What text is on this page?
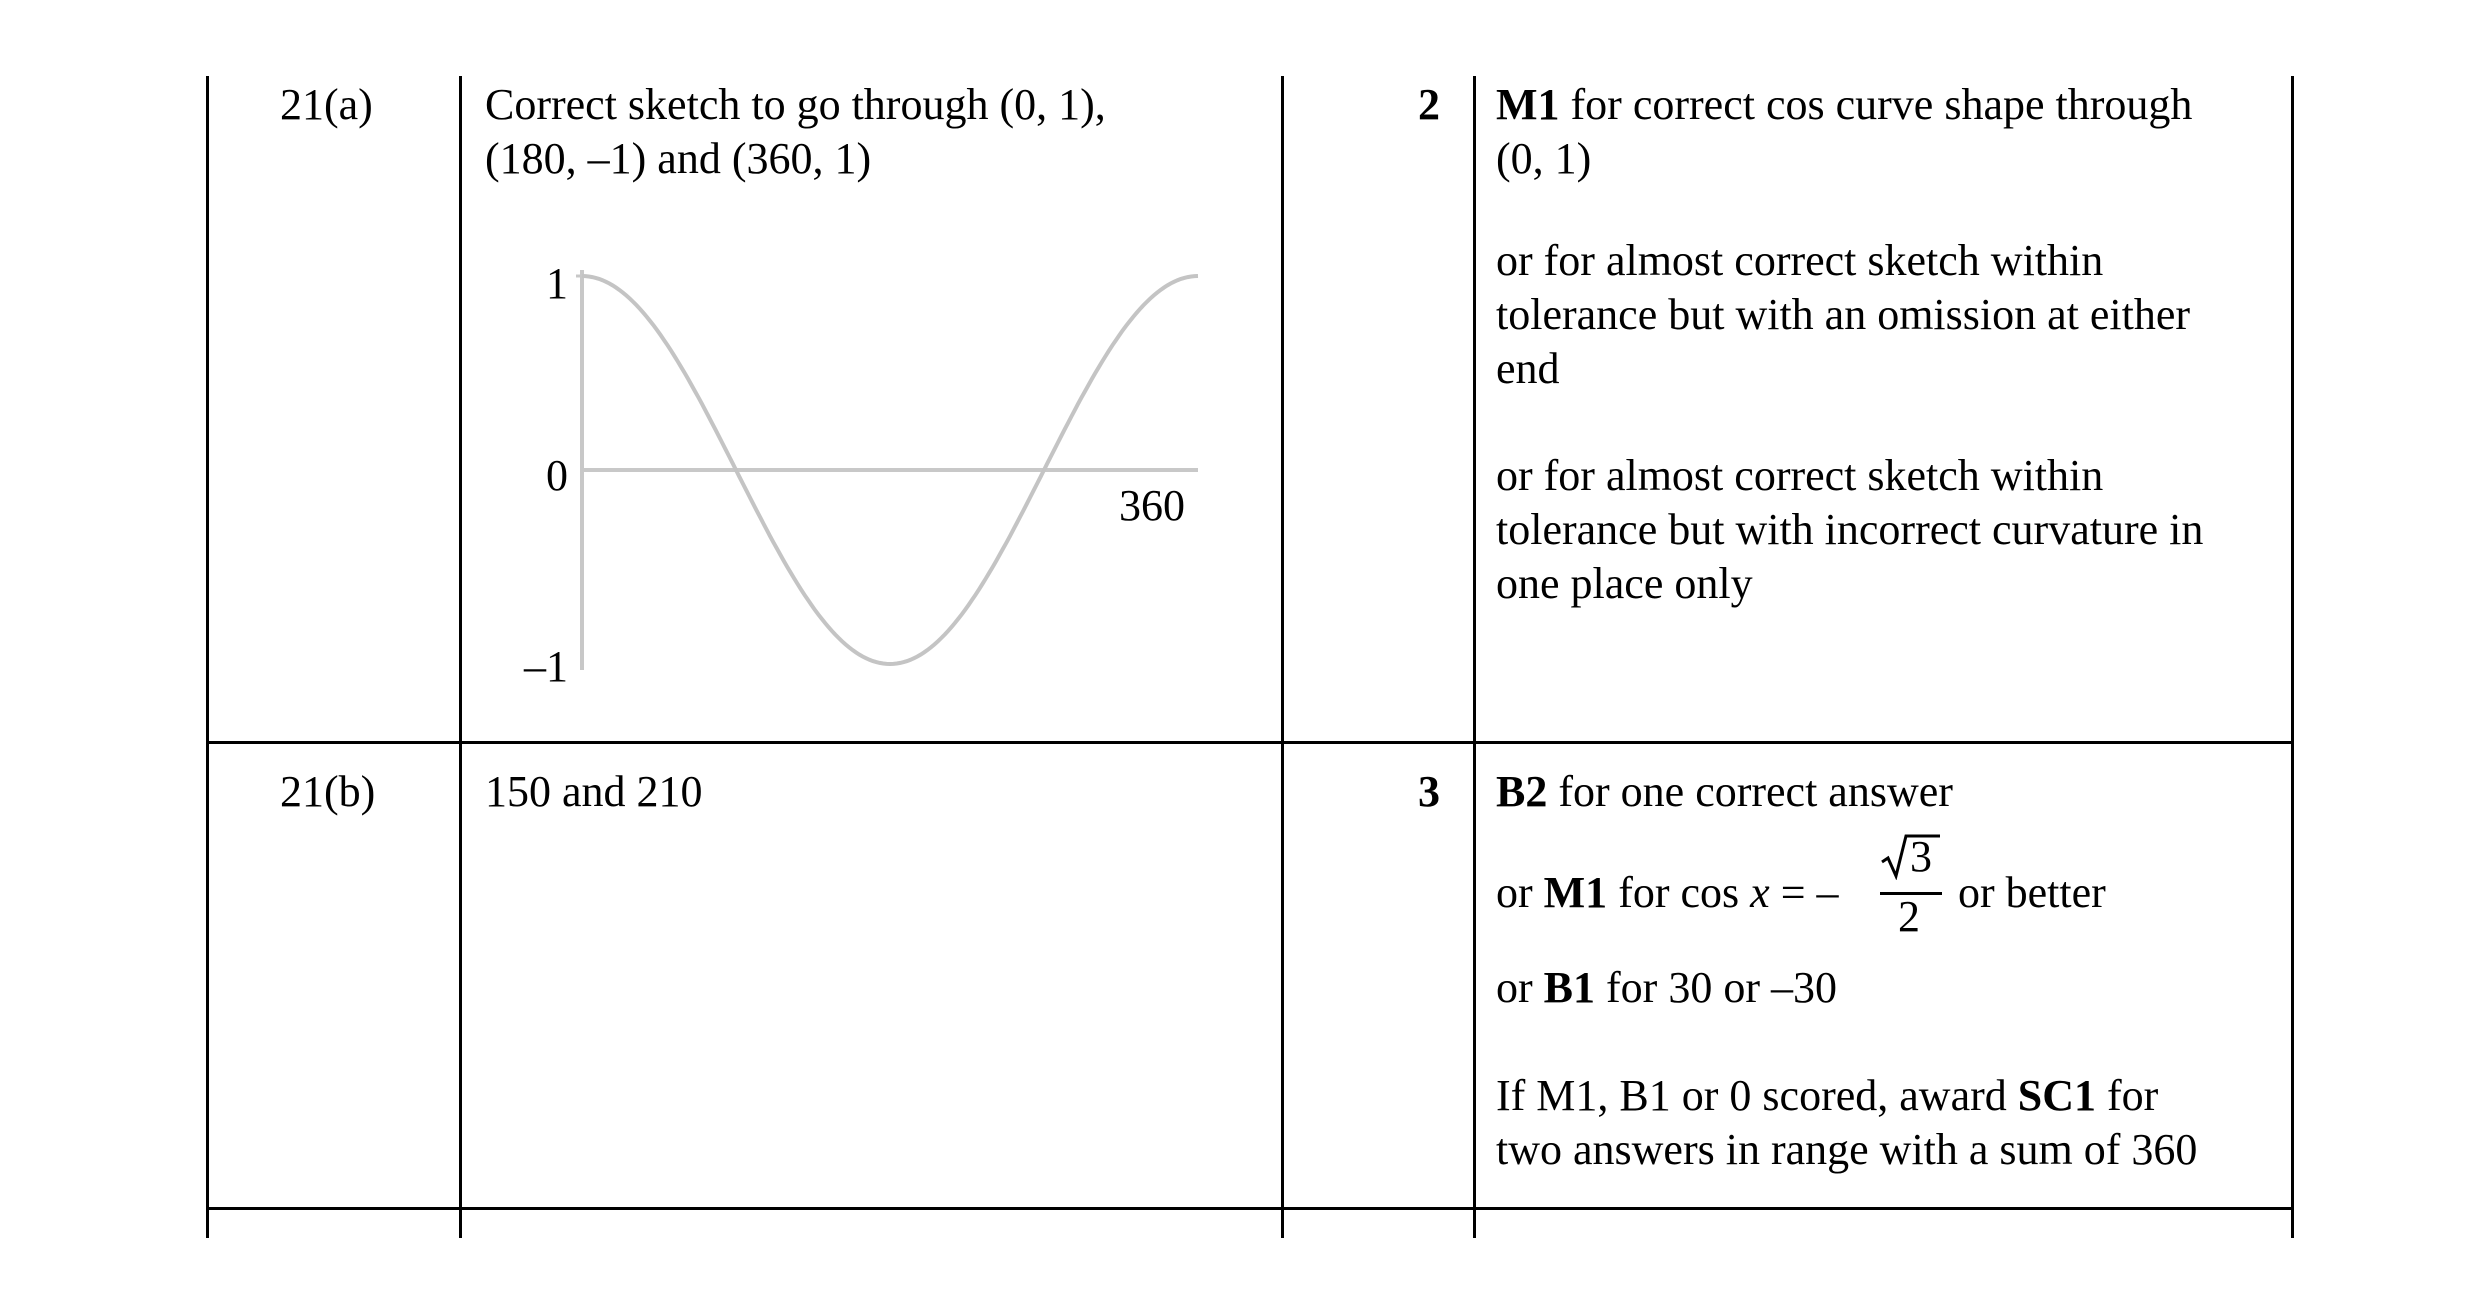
21(a)	Correct sketch to go through (0, 1),
(180, –1) and (360, 1)
1
0
–1
360
2 M1 for correct cos curve shape through
(0, 1)
or for almost correct sketch within
tolerance but with an omission at either
end
or for almost correct sketch within
tolerance but with incorrect curvature in
one place only
21(b) 150 and 210	3 B2 for one correct answer
or M1 for cos x = –
3
2 or better
or B1 for 30 or –30
If M1, B1 or 0 scored, award SC1 for
two answers in range with a sum of 360
